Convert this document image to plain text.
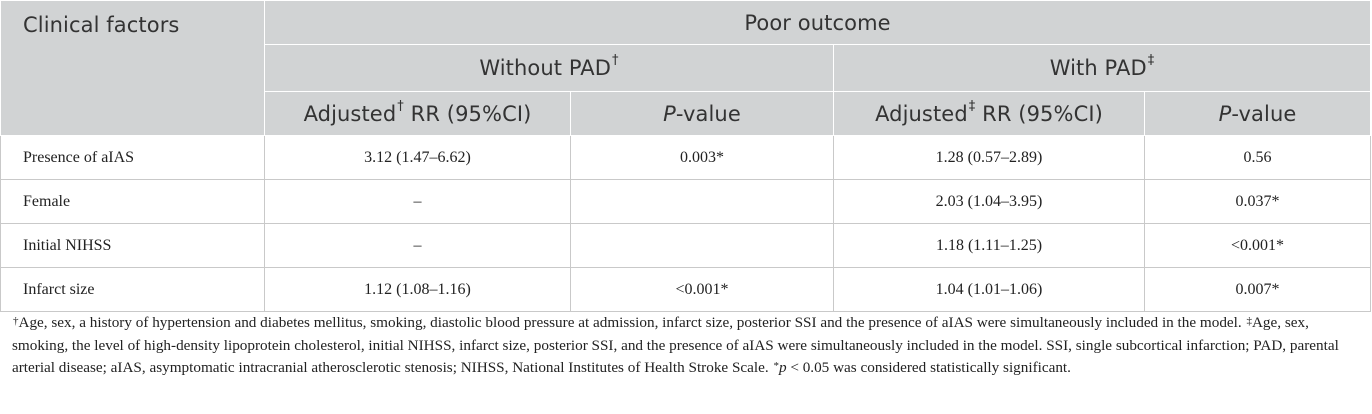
Clinical factors	Poor outcome			
	Without PAD†		With PAD‡
	Adjusted† RR (95%CI)	P-value	Adjusted‡ RR (95%CI)	P-value
Presence of aIAS	3.12 (1.47–6.62)	0.003*	1.28 (0.57–2.89)	0.56
Female	–		2.03 (1.04–3.95)	0.037*
Initial NIHSS	–		1.18 (1.11–1.25)	<0.001*
Infarct size	1.12 (1.08–1.16)	<0.001*	1.04 (1.01–1.06)	0.007*
†Age, sex, a history of hypertension and diabetes mellitus, smoking, diastolic blood pressure at admission, infarct size, posterior SSI and the presence of aIAS were simultaneously included in the model. ‡Age, sex, smoking, the level of high-density lipoprotein cholesterol, initial NIHSS, infarct size, posterior SSI, and the presence of aIAS were simultaneously included in the model. SSI, single subcortical infarction; PAD, parental arterial disease; aIAS, asymptomatic intracranial atherosclerotic stenosis; NIHSS, National Institutes of Health Stroke Scale. *p < 0.05 was considered statistically significant.
